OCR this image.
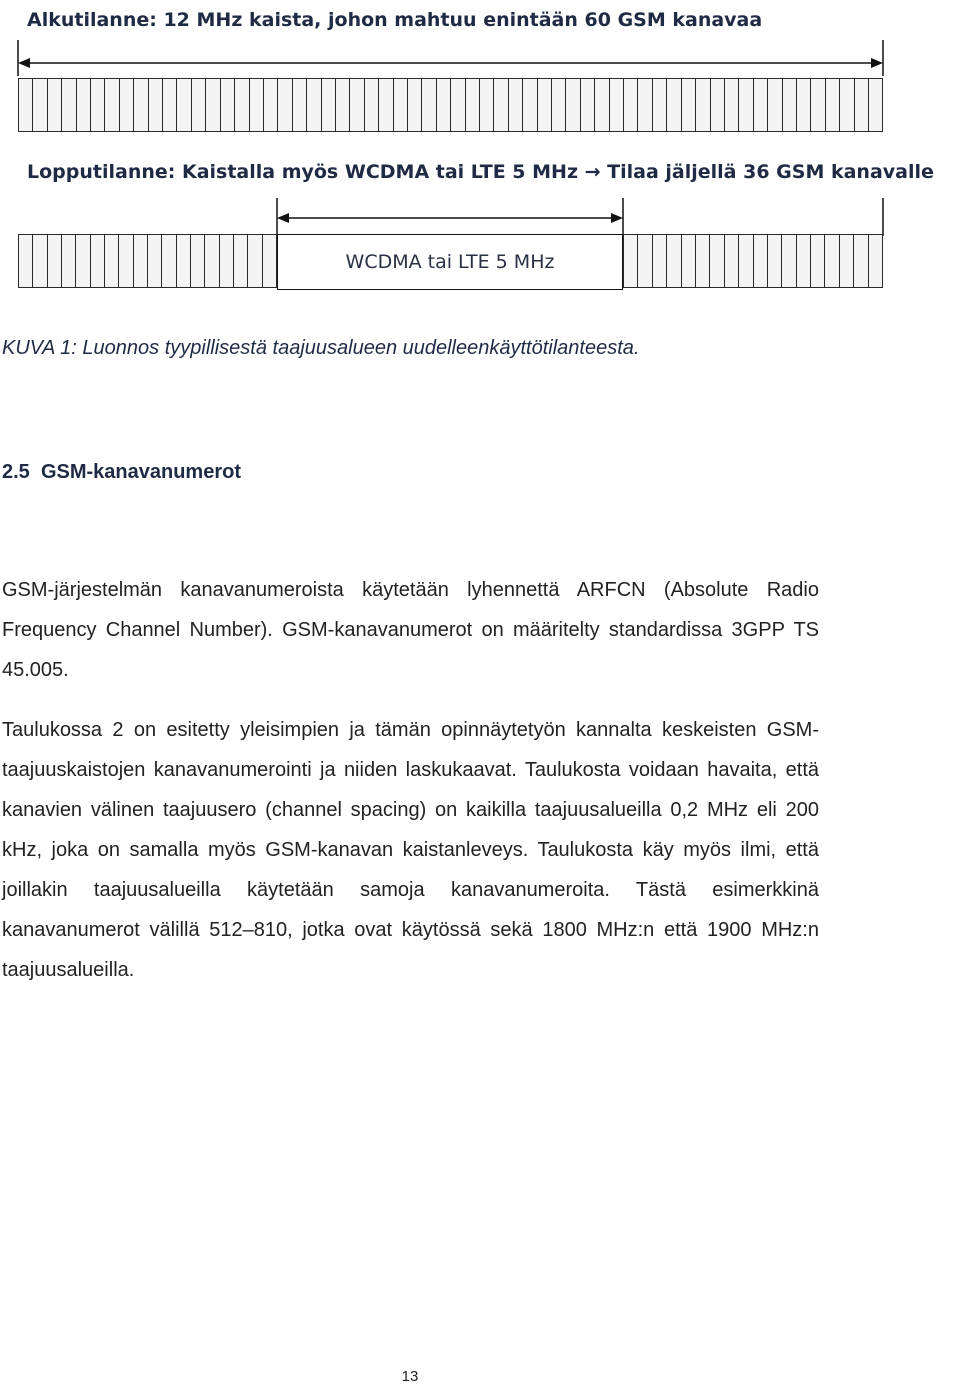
Alkutilanne: 12 MHz kaista, johon mahtuu enintään 60 GSM kanavaa
Lopputilanne: Kaistalla myös WCDMA tai LTE 5 MHz → Tilaa jäljellä 36 GSM kanavalle
WCDMA tai LTE 5 MHz

KUVA 1: Luonnos tyypillisestä taajuusalueen uudelleenkäyttötilanteesta.

2.5 GSM-kanavanumerot

GSM-järjestelmän kanavanumeroista käytetään lyhennettä ARFCN (Absolute Radio Frequency Channel Number). GSM-kanavanumerot on määritelty standardissa 3GPP TS 45.005.

Taulukossa 2 on esitetty yleisimpien ja tämän opinnäytetyön kannalta keskeisten GSM-taajuuskaistojen kanavanumerointi ja niiden laskukaavat. Taulukosta voidaan havaita, että kanavien välinen taajuusero (channel spacing) on kaikilla taajuusalueilla 0,2 MHz eli 200 kHz, joka on samalla myös GSM-kanavan kaistanleveys. Taulukosta käy myös ilmi, että joillakin taajuusalueilla käytetään samoja kanavanumeroita. Tästä esimerkkinä kanavanumerot välillä 512–810, jotka ovat käytössä sekä 1800 MHz:n että 1900 MHz:n taajuusalueilla.

13
